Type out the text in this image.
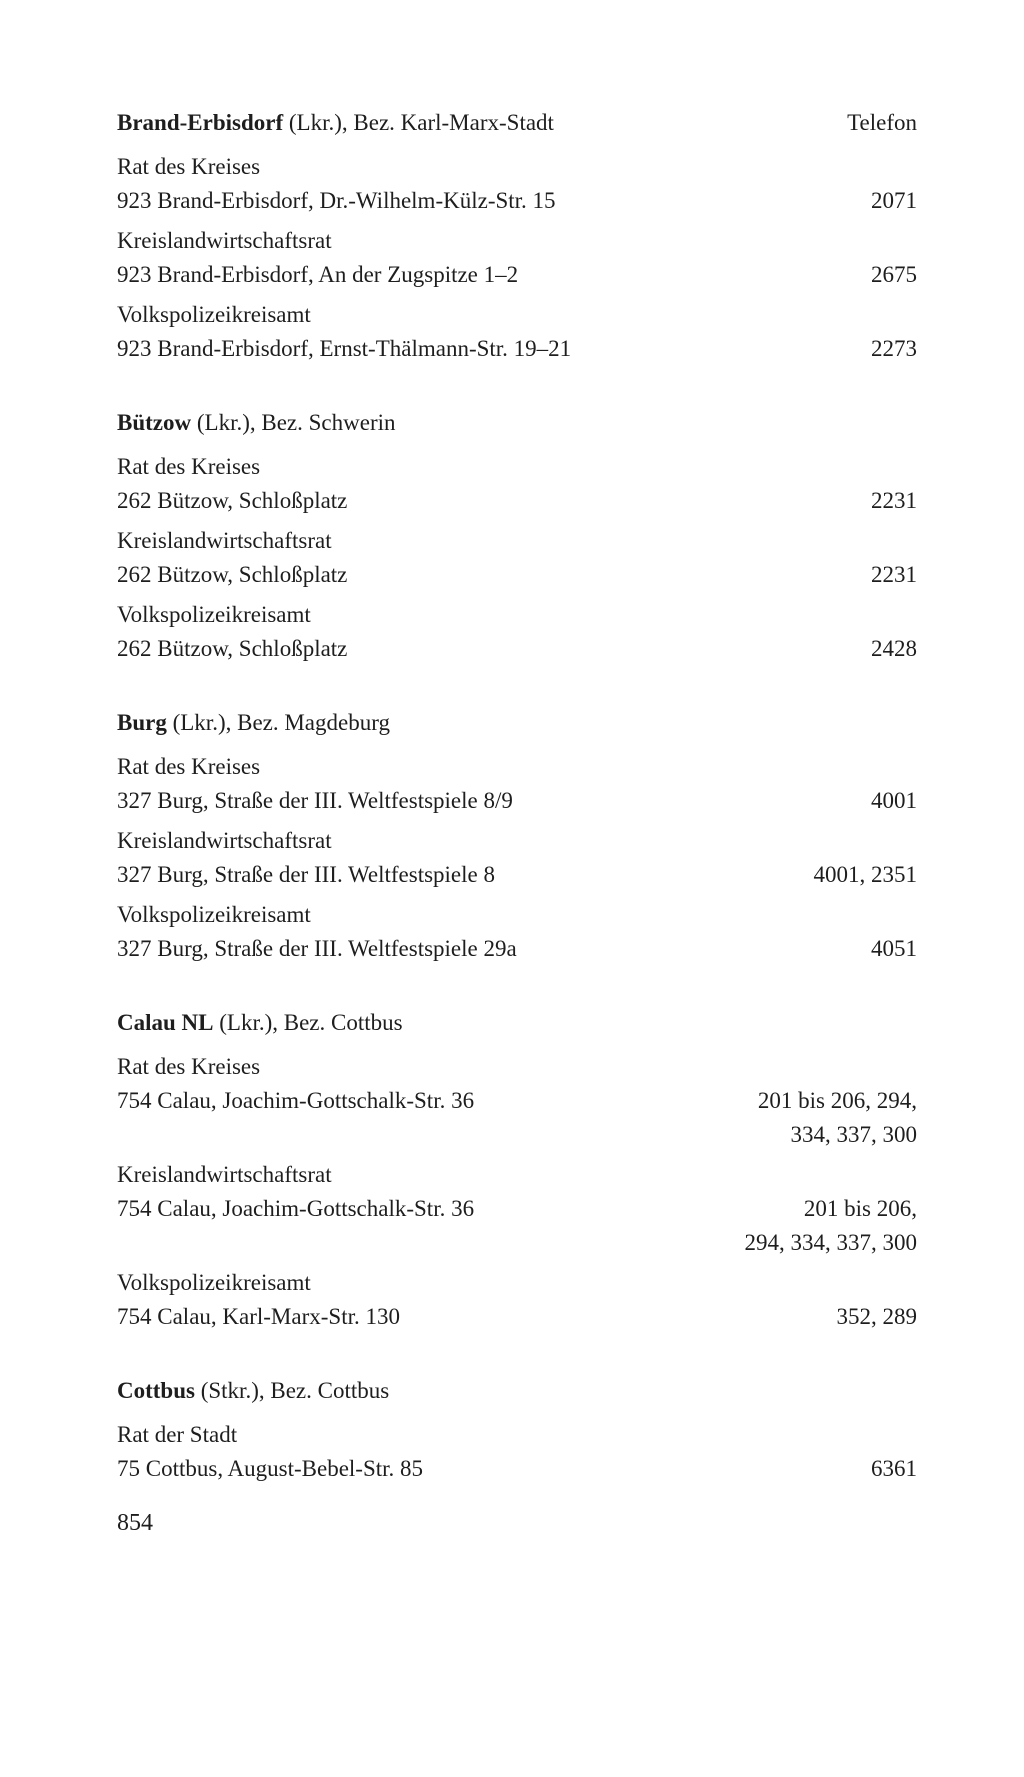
Brand-Erbisdorf (Lkr.), Bez. Karl-Marx-Stadt	Telefon
Rat des Kreises
923 Brand-Erbisdorf, Dr.-Wilhelm-Külz-Str. 15	2071
Kreislandwirtschaftsrat
923 Brand-Erbisdorf, An der Zugspitze 1–2	2675
Volkspolizeikreisamt
923 Brand-Erbisdorf, Ernst-Thälmann-Str. 19–21	2273
Bützow (Lkr.), Bez. Schwerin
Rat des Kreises
262 Bützow, Schloßplatz	2231
Kreislandwirtschaftsrat
262 Bützow, Schloßplatz	2231
Volkspolizeikreisamt
262 Bützow, Schloßplatz	2428
Burg (Lkr.), Bez. Magdeburg
Rat des Kreises
327 Burg, Straße der III. Weltfestspiele 8/9	4001
Kreislandwirtschaftsrat
327 Burg, Straße der III. Weltfestspiele 8	4001, 2351
Volkspolizeikreisamt
327 Burg, Straße der III. Weltfestspiele 29a	4051
Calau NL (Lkr.), Bez. Cottbus
Rat des Kreises
754 Calau, Joachim-Gottschalk-Str. 36	201 bis 206, 294,
334, 337, 300
Kreislandwirtschaftsrat
754 Calau, Joachim-Gottschalk-Str. 36	201 bis 206,
294, 334, 337, 300
Volkspolizeikreisamt
754 Calau, Karl-Marx-Str. 130	352, 289
Cottbus (Stkr.), Bez. Cottbus
Rat der Stadt
75 Cottbus, August-Bebel-Str. 85	6361
854
